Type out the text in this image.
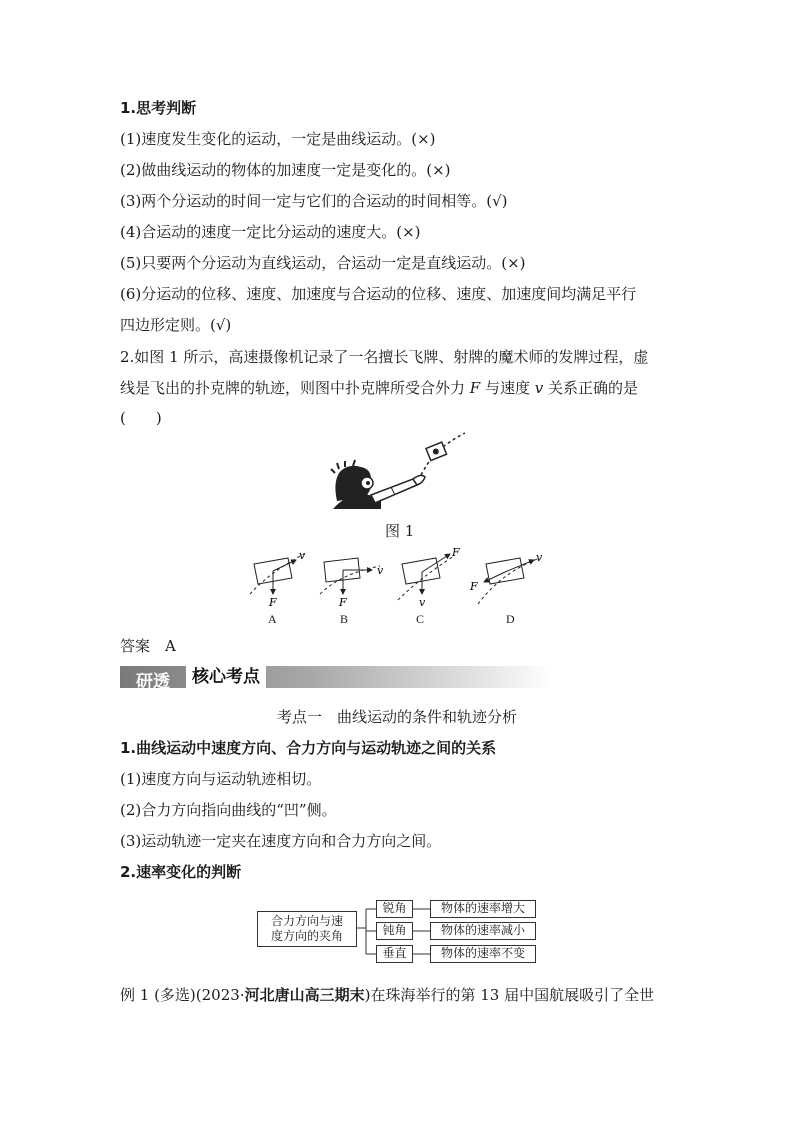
1.思考判断
(1)速度发生变化的运动，一定是曲线运动。(×)
(2)做曲线运动的物体的加速度一定是变化的。(×)
(3)两个分运动的时间一定与它们的合运动的时间相等。(√)
(4)合运动的速度一定比分运动的速度大。(×)
(5)只要两个分运动为直线运动，合运动一定是直线运动。(×)
(6)分运动的位移、速度、加速度与合运动的位移、速度、加速度间均满足平行
四边形定则。(√)
2.如图 1 所示，高速摄像机记录了一名擅长飞牌、射牌的魔术师的发牌过程，虚
线是飞出的扑克牌的轨迹，则图中扑克牌所受合外力 F 与速度 v 关系正确的是
(　　)
图 1
v
F
v
F
F
v
v
F
A	B	C	D
答案　A
研透	核心考点
考点一　曲线运动的条件和轨迹分析
1.曲线运动中速度方向、合力方向与运动轨迹之间的关系
(1)速度方向与运动轨迹相切。
(2)合力方向指向曲线的“凹”侧。
(3)运动轨迹一定夹在速度方向和合力方向之间。
2.速率变化的判断
合力方向与速
度方向的夹角
锐角
钝角
垂直
物体的速率增大
物体的速率减小
物体的速率不变
例 1 (多选)(2023·河北唐山高三期末)在珠海举行的第 13 届中国航展吸引了全世
